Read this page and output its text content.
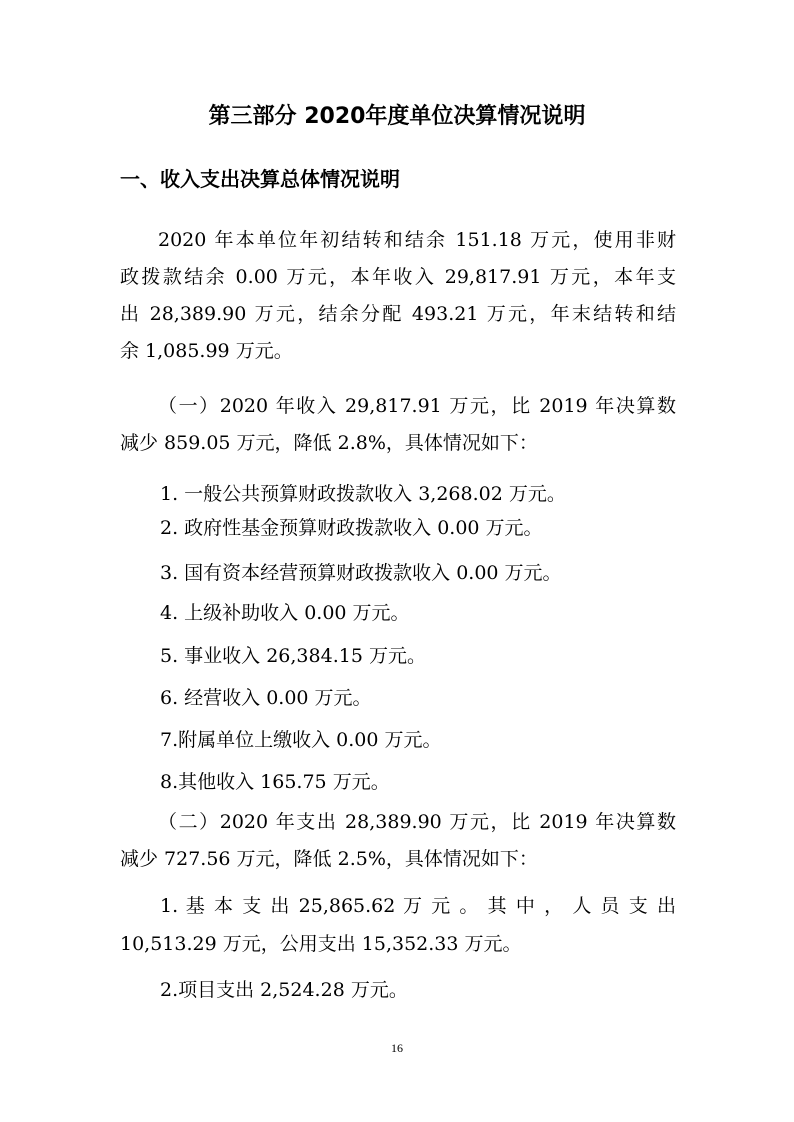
第三部分 2020年度单位决算情况说明
一、收入支出决算总体情况说明
2020 年本单位年初结转和结余 151.18 万元，使用非财
政拨款结余 0.00 万元，本年收入 29,817.91 万元，本年支
出 28,389.90 万元，结余分配 493.21 万元，年末结转和结
余 1,085.99 万元。
（一）2020 年收入 29,817.91 万元，比 2019 年决算数
减少 859.05 万元，降低 2.8%，具体情况如下：
1. 一般公共预算财政拨款收入 3,268.02 万元。
2. 政府性基金预算财政拨款收入 0.00 万元。
3. 国有资本经营预算财政拨款收入 0.00 万元。
4. 上级补助收入 0.00 万元。
5. 事业收入 26,384.15 万元。
6. 经营收入 0.00 万元。
7.附属单位上缴收入 0.00 万元。
8.其他收入 165.75 万元。
（二）2020 年支出 28,389.90 万元，比 2019 年决算数
减少 727.56 万元，降低 2.5%，具体情况如下：
1. 基 本 支 出 25,865.62 万 元 。 其 中 ， 人 员 支 出
10,513.29 万元，公用支出 15,352.33 万元。
2.项目支出 2,524.28 万元。
16
